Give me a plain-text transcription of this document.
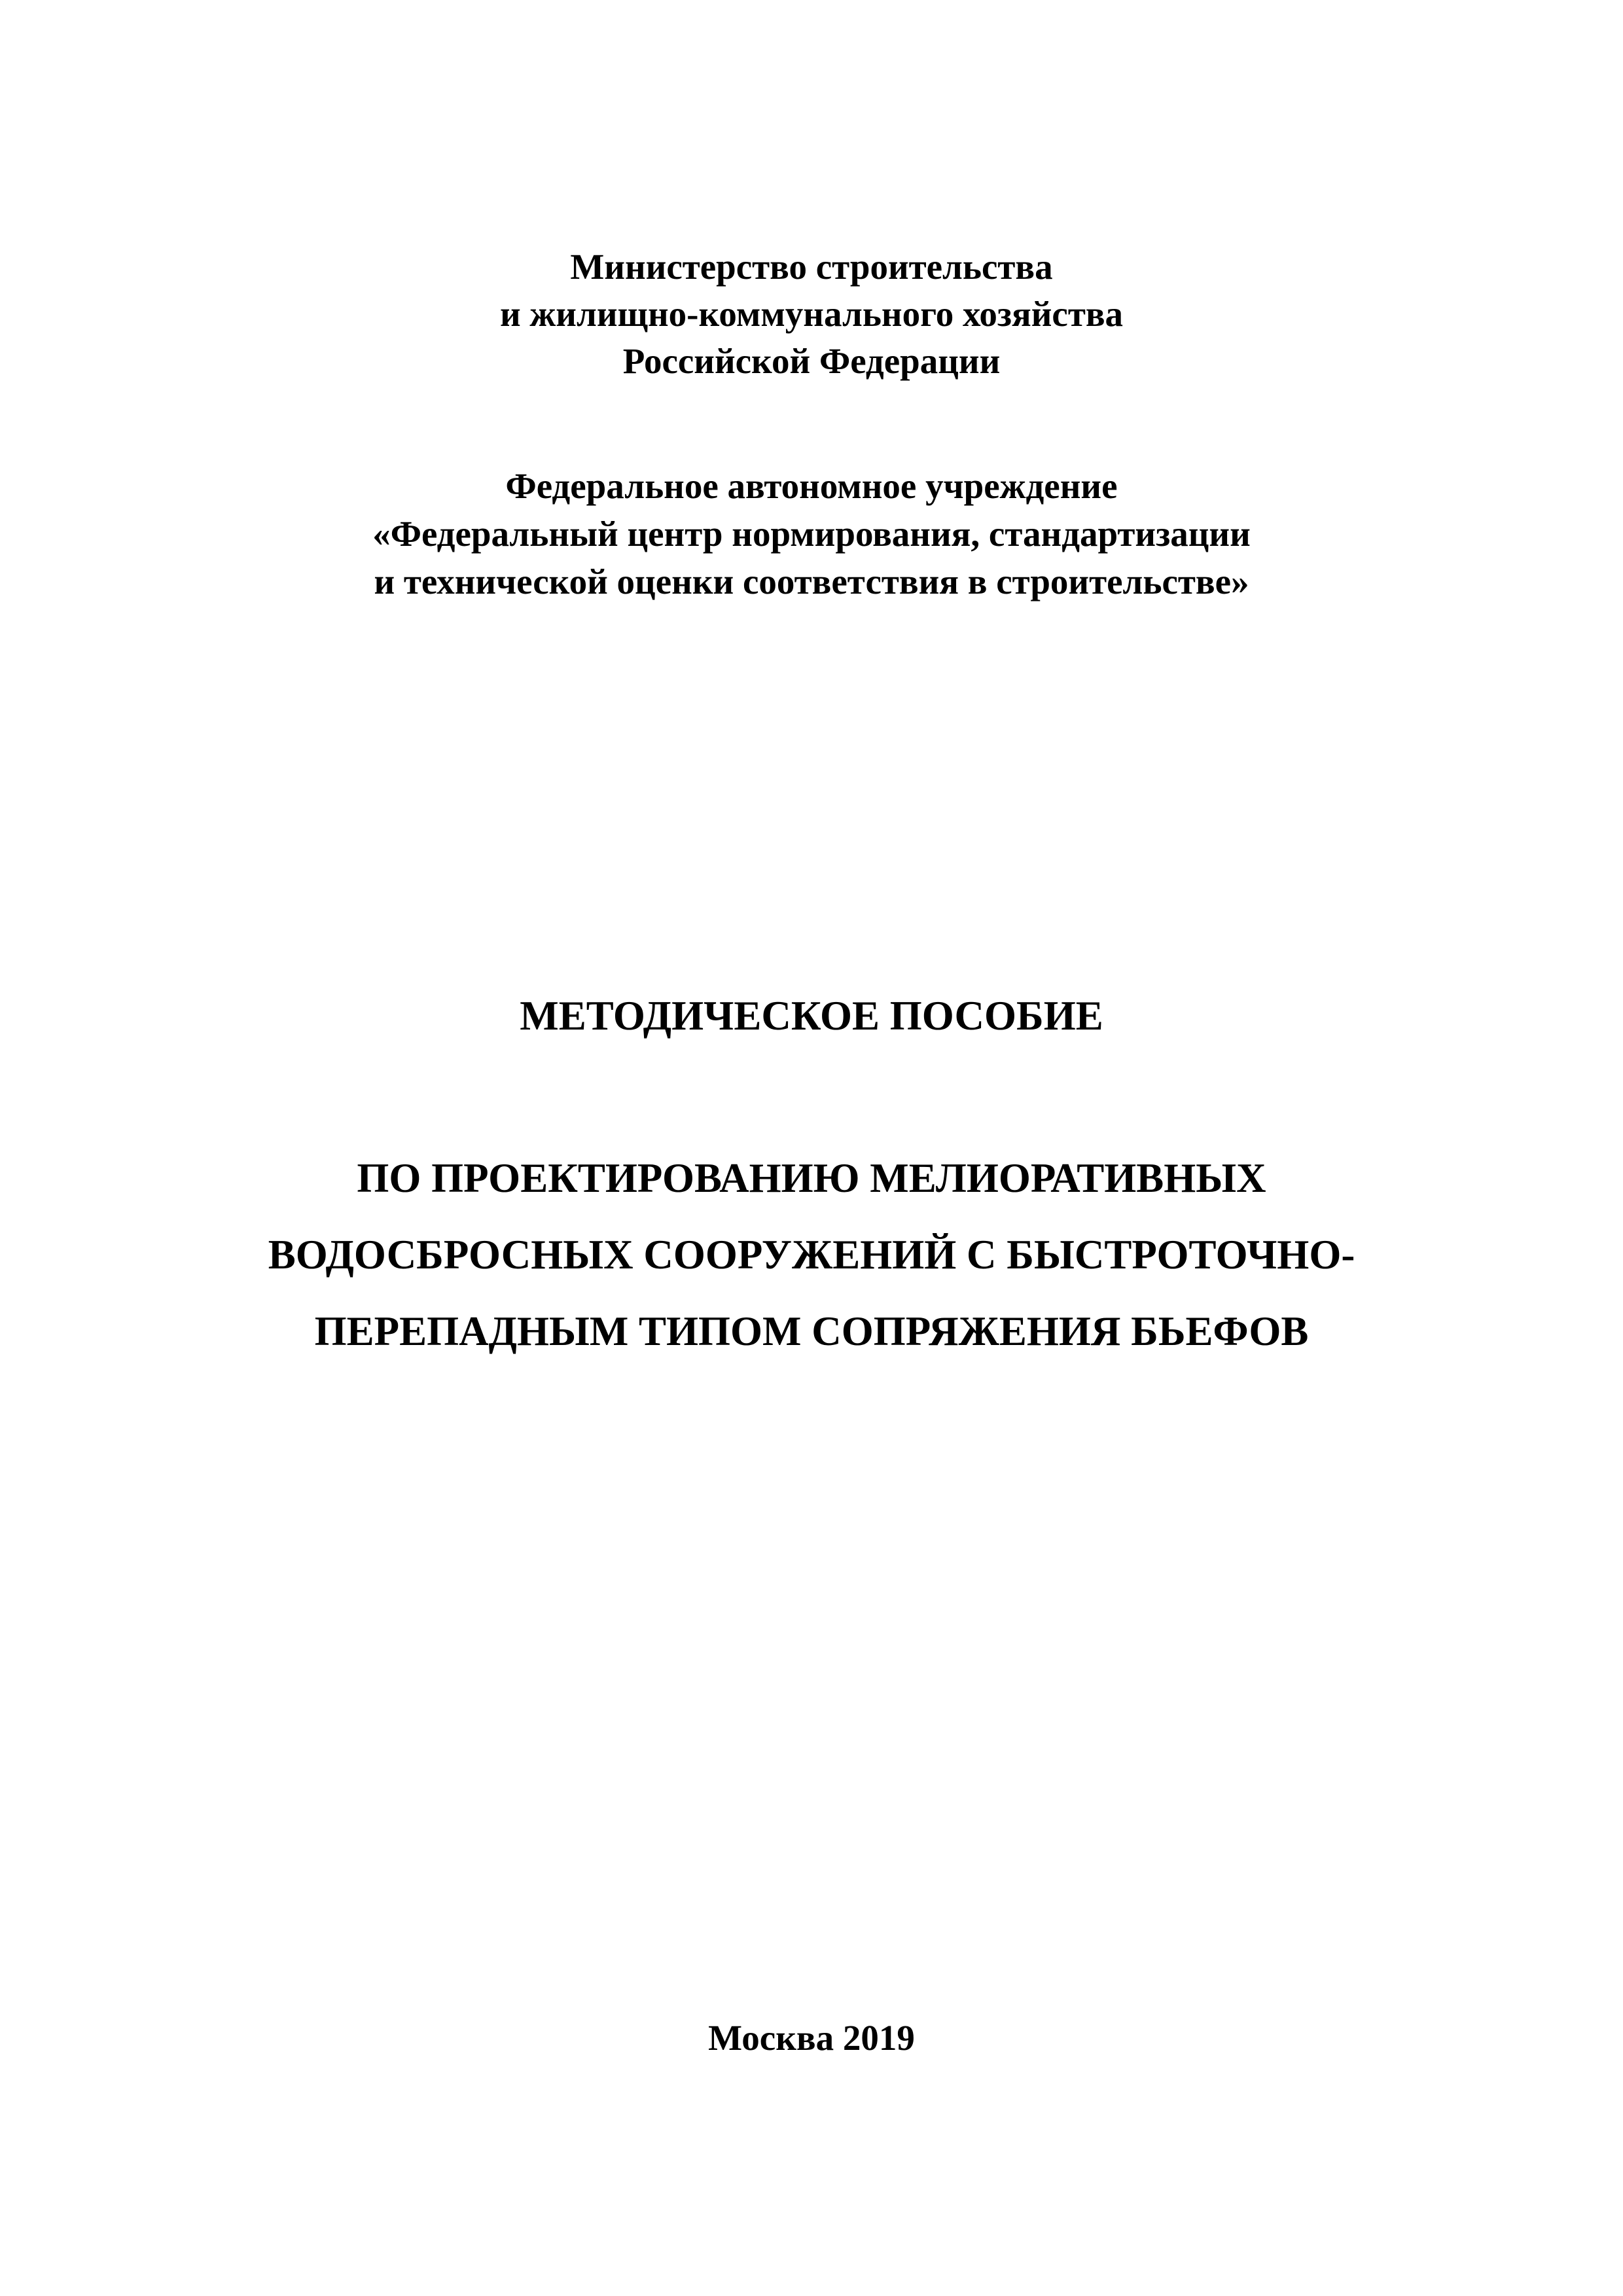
Министерство строительства
и жилищно-коммунального хозяйства
Российской Федерации
Федеральное автономное учреждение
«Федеральный центр нормирования, стандартизации
и технической оценки соответствия в строительстве»
МЕТОДИЧЕСКОЕ ПОСОБИЕ
ПО ПРОЕКТИРОВАНИЮ МЕЛИОРАТИВНЫХ
ВОДОСБРОСНЫХ СООРУЖЕНИЙ С БЫСТРОТОЧНО-
ПЕРЕПАДНЫМ ТИПОМ СОПРЯЖЕНИЯ БЬЕФОВ
Москва 2019
